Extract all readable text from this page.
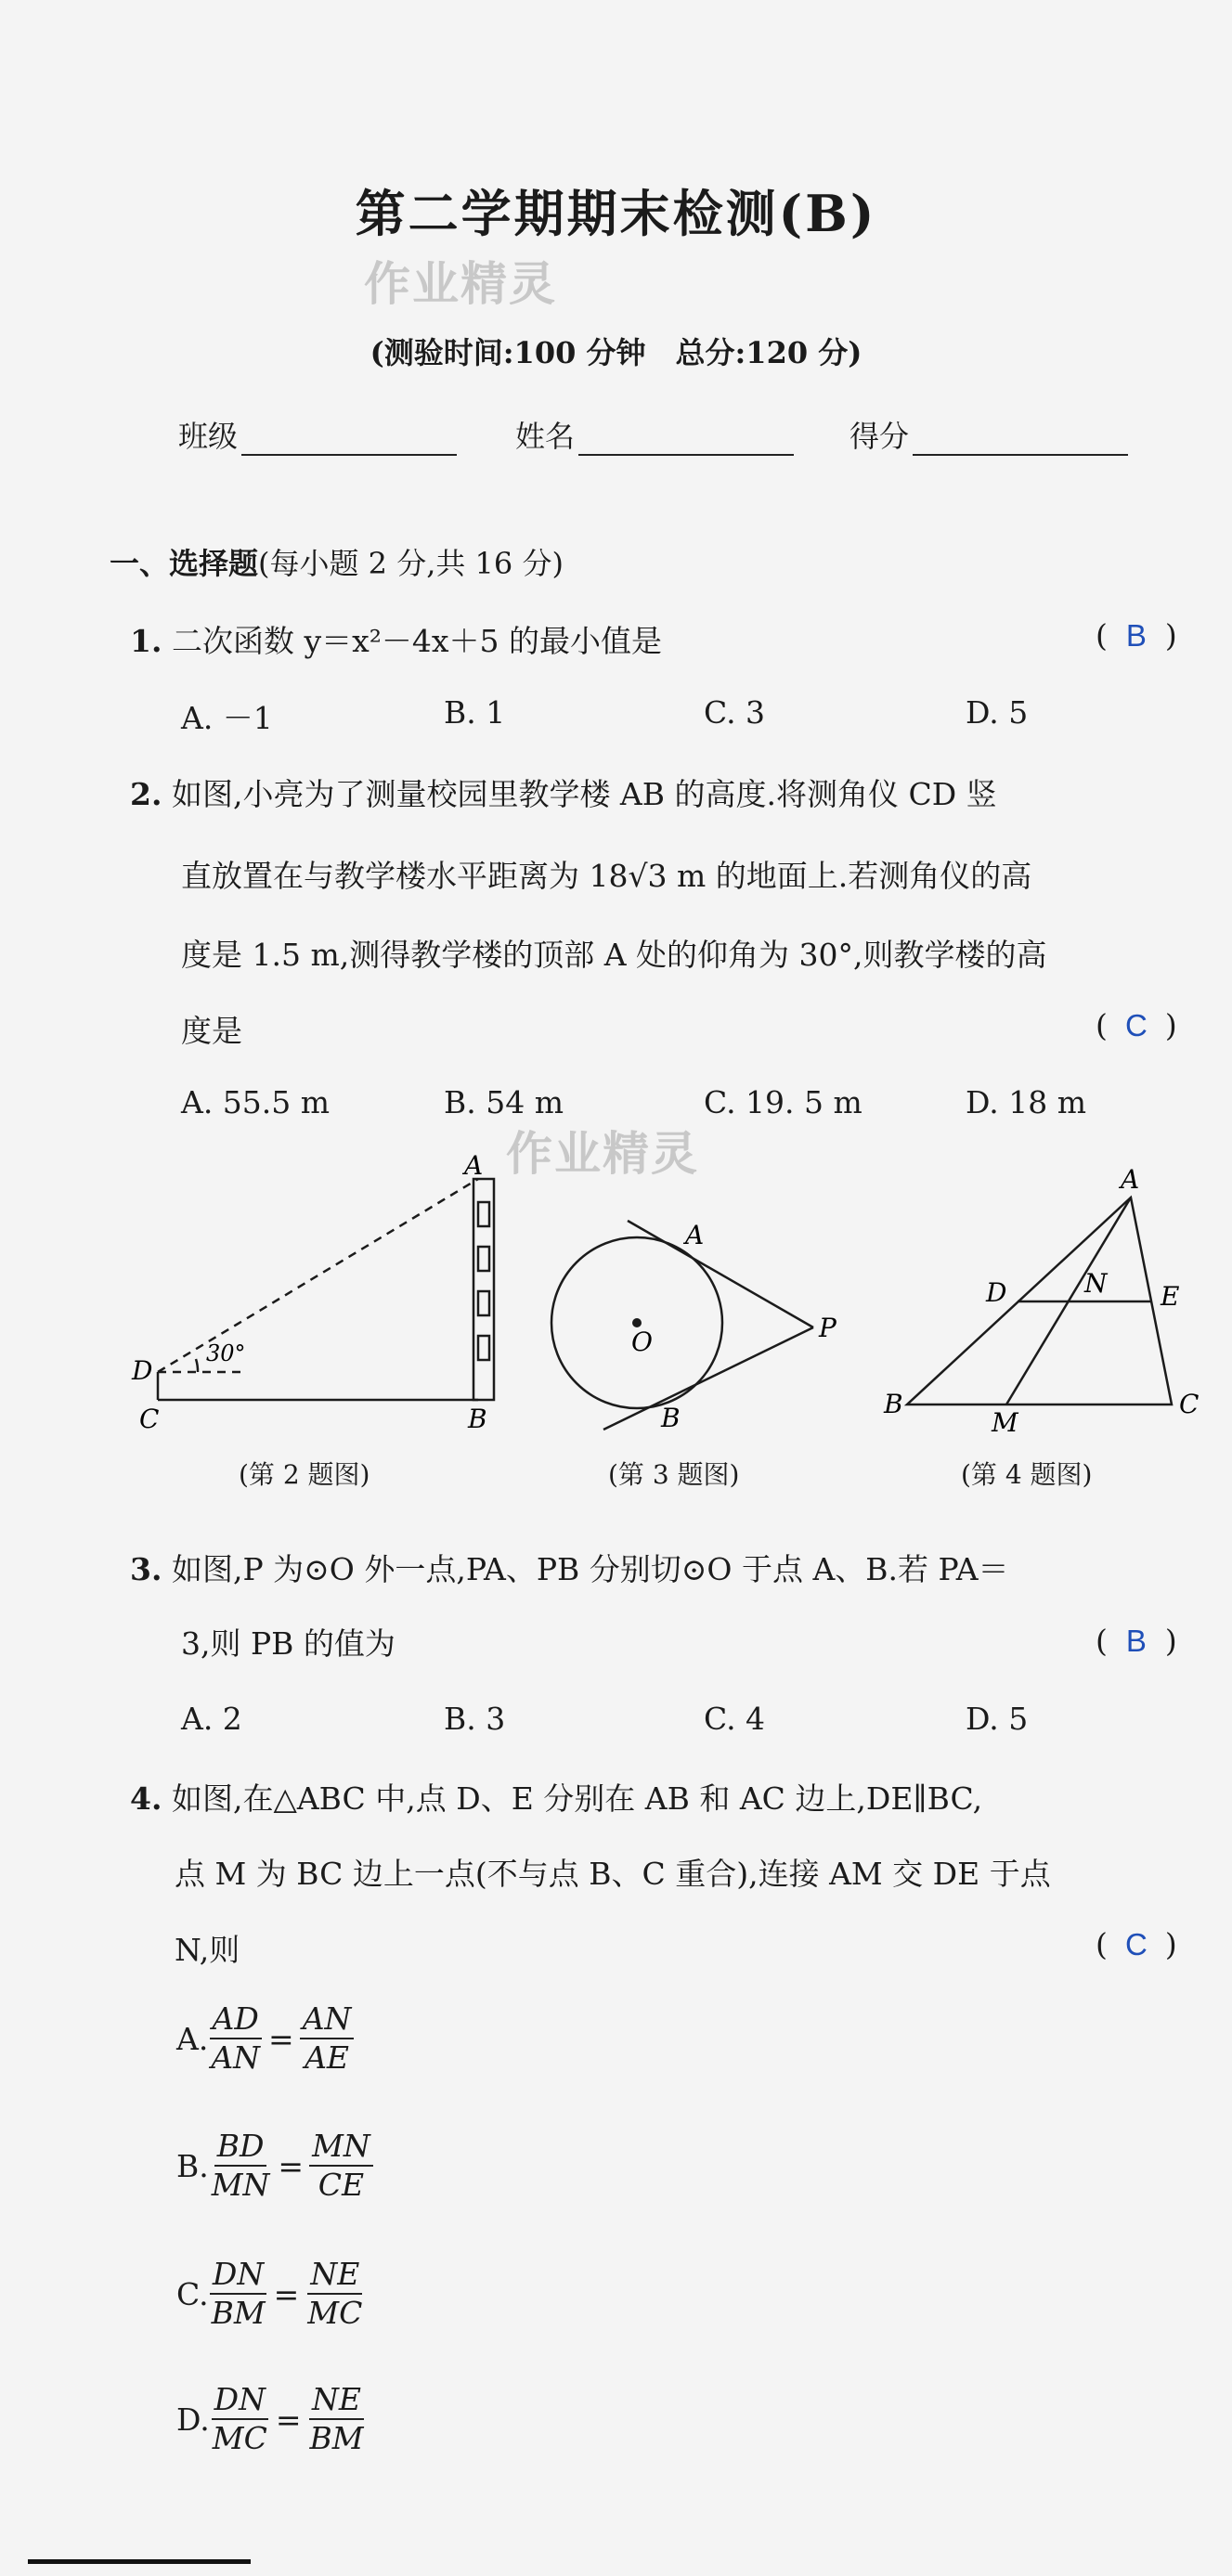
第二学期期末检测(B)
作业精灵
(测验时间:100 分钟　总分:120 分)
班级	姓名	得分
一、选择题(每小题 2 分,共 16 分)
1. 二次函数 y＝x²－4x＋5 的最小值是	( B )
A. －1	B. 1	C. 3	D. 5
2. 如图,小亮为了测量校园里教学楼 AB 的高度.将测角仪 CD 竖
直放置在与教学楼水平距离为 18√3 m 的地面上.若测角仪的高
度是 1.5 m,测得教学楼的顶部 A 处的仰角为 30°,则教学楼的高
度是	( C )
A. 55.5 m	B. 54 m	C. 19. 5 m	D. 18 m
作业精灵
A
B
C
D
30°
(第 2 题图)
A
B
O	P
(第 3 题图)
A
B	C
D	E
M
N
(第 4 题图)
3. 如图,P 为⊙O 外一点,PA、PB 分别切⊙O 于点 A、B.若 PA＝
3,则 PB 的值为	( B )
A. 2	B. 3	C. 4	D. 5
4. 如图,在△ABC 中,点 D、E 分别在 AB 和 AC 边上,DE∥BC,
点 M 为 BC 边上一点(不与点 B、C 重合),连接 AM 交 DE 于点
N,则	( C )
A. $\frac{AD}{AN} = \frac{AN}{AE}$
B. $\frac{BD}{MN} = \frac{MN}{CE}$
C. $\frac{DN}{BM} = \frac{NE}{MC}$
D. $\frac{DN}{MC} = \frac{NE}{BM}$
